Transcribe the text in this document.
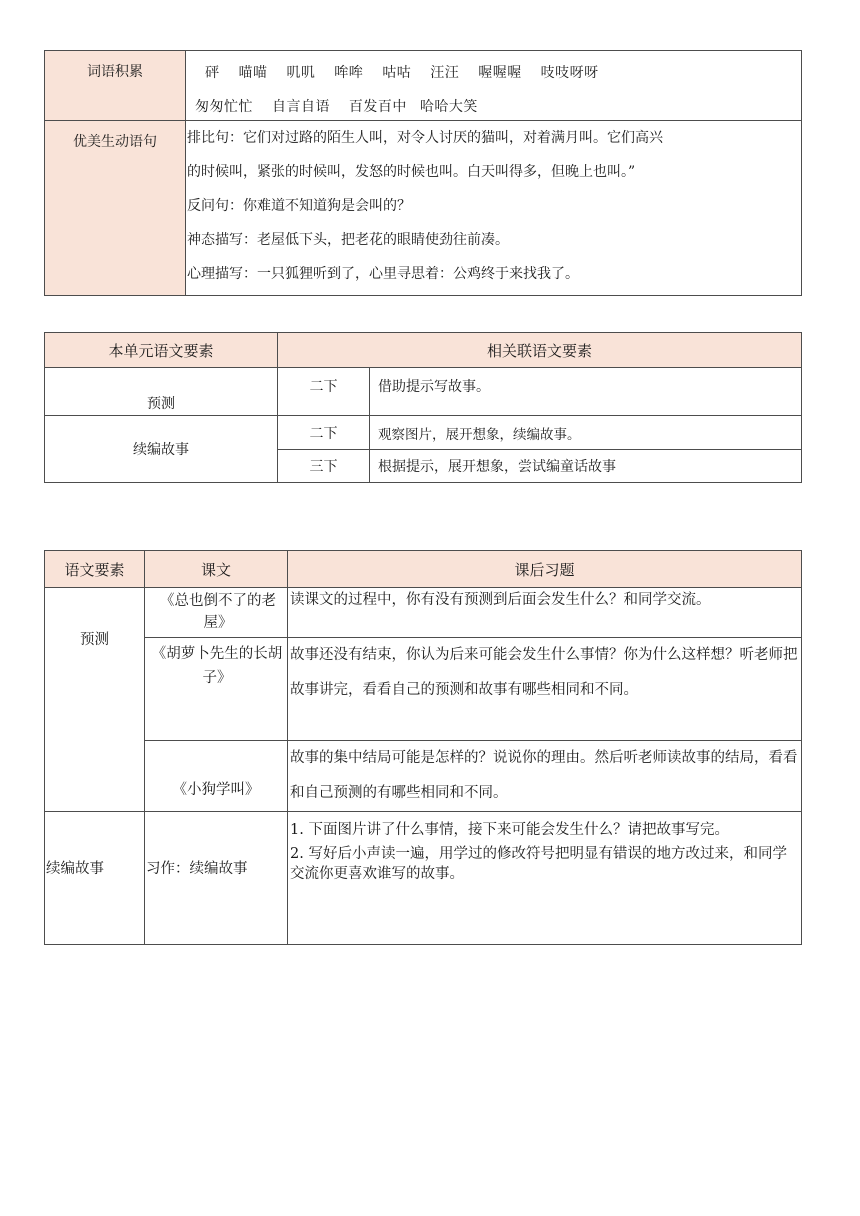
词语积累	砰 喵喵 叽叽 哞哞 咕咕 汪汪 喔喔喔 吱吱呀呀
匆匆忙忙 自言自语 百发百中 哈哈大笑

优美生动语句	排比句：它们对过路的陌生人叫，对令人讨厌的猫叫，对着满月叫。它们高兴
的时候叫，紧张的时候叫，发怒的时候也叫。白天叫得多，但晚上也叫。”
反问句：你难道不知道狗是会叫的？
神态描写：老屋低下头，把老花的眼睛使劲往前凑。
心理描写：一只狐狸听到了，心里寻思着：公鸡终于来找我了。
本单元语文要素	相关联语文要素	
预测	二下	借助提示写故事。
续编故事	二下	观察图片，展开想象，续编故事。
	三下	根据提示，展开想象，尝试编童话故事
语文要素	课文	课后习题
预测	《总也倒不了的老屋》	读课文的过程中，你有没有预测到后面会发生什么？和同学交流。
	《胡萝卜先生的长胡子》	故事还没有结束，你认为后来可能会发生什么事情？你为什么这样想？听老师把故事讲完，看看自己的预测和故事有哪些相同和不同。
	《小狗学叫》	故事的集中结局可能是怎样的？说说你的理由。然后听老师读故事的结局，看看和自己预测的有哪些相同和不同。
续编故事	习作：续编故事	1. 下面图片讲了什么事情，接下来可能会发生什么？请把故事写完。
2. 写好后小声读一遍，用学过的修改符号把明显有错误的地方改过来，和同学交流你更喜欢谁写的故事。
